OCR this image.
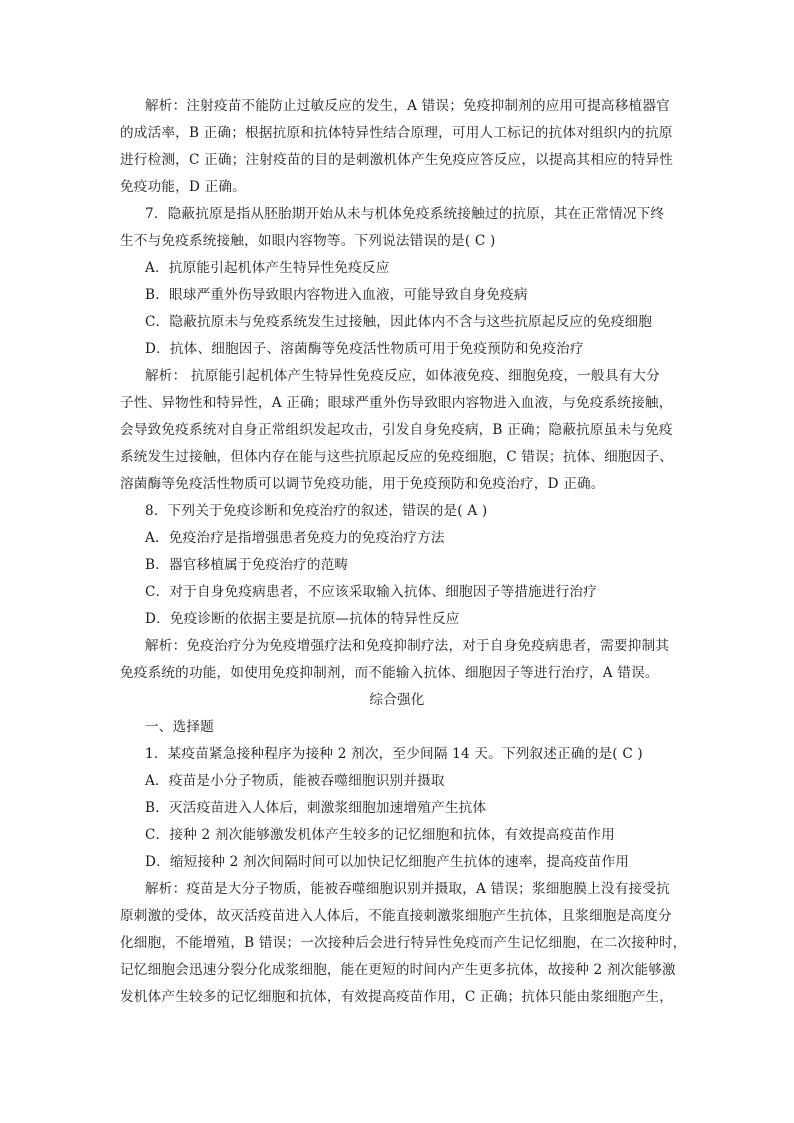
解析：注射疫苗不能防止过敏反应的发生，A 错误；免疫抑制剂的应用可提高移植器官
的成活率，B 正确；根据抗原和抗体特异性结合原理，可用人工标记的抗体对组织内的抗原
进行检测，C 正确；注射疫苗的目的是刺激机体产生免疫应答反应，以提高其相应的特异性
免疫功能，D 正确。
7．隐蔽抗原是指从胚胎期开始从未与机体免疫系统接触过的抗原，其在正常情况下终
生不与免疫系统接触，如眼内容物等。下列说法错误的是( C )
A．抗原能引起机体产生特异性免疫反应
B．眼球严重外伤导致眼内容物进入血液，可能导致自身免疫病
C．隐蔽抗原未与免疫系统发生过接触，因此体内不含与这些抗原起反应的免疫细胞
D．抗体、细胞因子、溶菌酶等免疫活性物质可用于免疫预防和免疫治疗
解析： 抗原能引起机体产生特异性免疫反应，如体液免疫、细胞免疫，一般具有大分
子性、异物性和特异性，A 正确；眼球严重外伤导致眼内容物进入血液，与免疫系统接触，
会导致免疫系统对自身正常组织发起攻击，引发自身免疫病，B 正确；隐蔽抗原虽未与免疫
系统发生过接触，但体内存在能与这些抗原起反应的免疫细胞，C 错误；抗体、细胞因子、
溶菌酶等免疫活性物质可以调节免疫功能，用于免疫预防和免疫治疗，D 正确。
8．下列关于免疫诊断和免疫治疗的叙述，错误的是( A )
A．免疫治疗是指增强患者免疫力的免疫治疗方法
B．器官移植属于免疫治疗的范畴
C．对于自身免疫病患者，不应该采取输入抗体、细胞因子等措施进行治疗
D．免疫诊断的依据主要是抗原—抗体的特异性反应
解析：免疫治疗分为免疫增强疗法和免疫抑制疗法，对于自身免疫病患者，需要抑制其
免疫系统的功能，如使用免疫抑制剂，而不能输入抗体、细胞因子等进行治疗，A 错误。
综合强化
一、选择题
1．某疫苗紧急接种程序为接种 2 剂次，至少间隔 14 天。下列叙述正确的是( C )
A．疫苗是小分子物质，能被吞噬细胞识别并摄取
B．灭活疫苗进入人体后，刺激浆细胞加速增殖产生抗体
C．接种 2 剂次能够激发机体产生较多的记忆细胞和抗体，有效提高疫苗作用
D．缩短接种 2 剂次间隔时间可以加快记忆细胞产生抗体的速率，提高疫苗作用
解析：疫苗是大分子物质，能被吞噬细胞识别并摄取，A 错误；浆细胞膜上没有接受抗
原刺激的受体，故灭活疫苗进入人体后，不能直接刺激浆细胞产生抗体，且浆细胞是高度分
化细胞，不能增殖，B 错误；一次接种后会进行特异性免疫而产生记忆细胞，在二次接种时，
记忆细胞会迅速分裂分化成浆细胞，能在更短的时间内产生更多抗体，故接种 2 剂次能够激
发机体产生较多的记忆细胞和抗体，有效提高疫苗作用，C 正确；抗体只能由浆细胞产生，
